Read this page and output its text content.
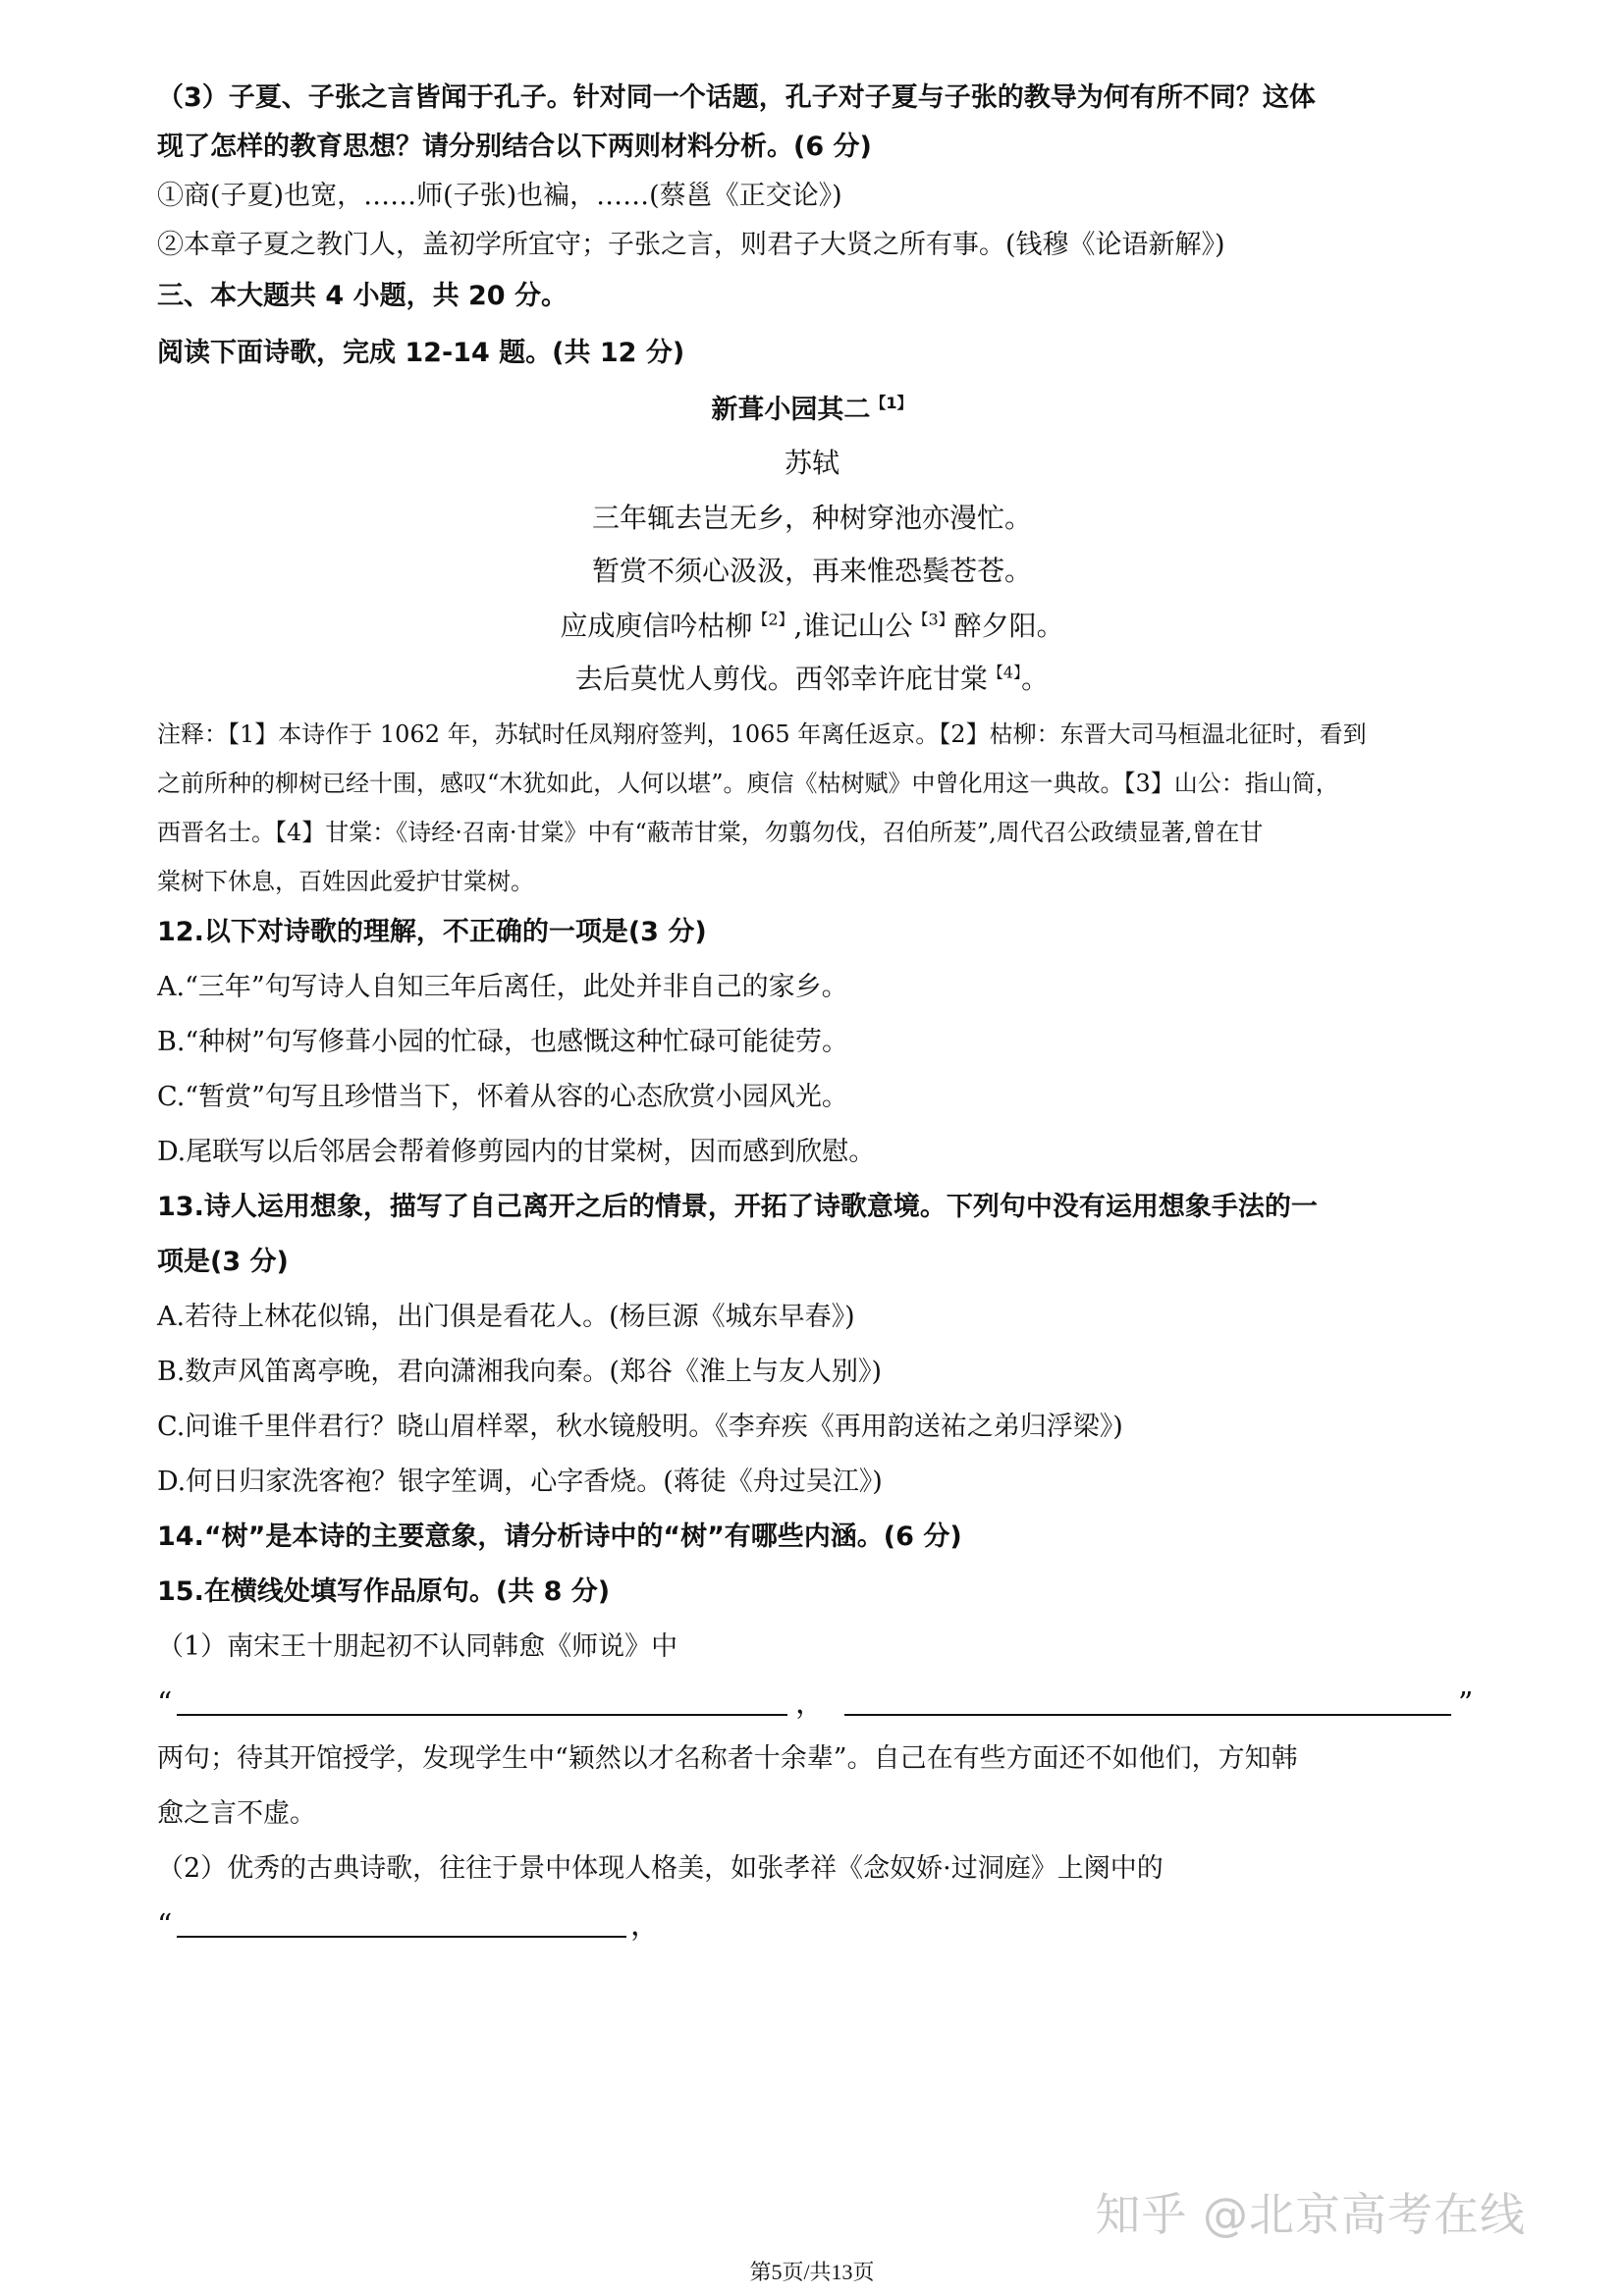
（3）子夏、子张之言皆闻于孔子。针对同一个话题，孔子对子夏与子张的教导为何有所不同？这体
现了怎样的教育思想？请分别结合以下两则材料分析。(6 分)
①商(子夏)也宽，……师(子张)也褊，……(蔡邕《正交论》)
②本章子夏之教门人，盖初学所宜守；子张之言，则君子大贤之所有事。(钱穆《论语新解》)
三、本大题共 4 小题，共 20 分。
阅读下面诗歌，完成 12-14 题。(共 12 分)
新葺小园其二$^{【1】}$
苏轼
三年辄去岂无乡，种树穿池亦漫忙。
暂赏不须心汲汲，再来惟恐鬓苍苍。
应成庾信吟枯柳$^{【2】}$,谁记山公$^{【3】}$醉夕阳。
去后莫忧人剪伐。西邻幸许庇甘棠$^{【4】}$。
注释：【1】本诗作于 1062 年，苏轼时任凤翔府签判，1065 年离任返京。【2】枯柳：东晋大司马桓温北征时，看到
之前所种的柳树已经十围，感叹“木犹如此，人何以堪”。庾信《枯树赋》中曾化用这一典故。【3】山公：指山简，
西晋名士。【4】甘棠：《诗经·召南·甘棠》中有“蔽芾甘棠，勿翦勿伐，召伯所茇”,周代召公政绩显著,曾在甘
棠树下休息，百姓因此爱护甘棠树。
12.以下对诗歌的理解，不正确的一项是(3 分)
A.“三年”句写诗人自知三年后离任，此处并非自己的家乡。
B.“种树”句写修葺小园的忙碌，也感慨这种忙碌可能徒劳。
C.“暂赏”句写且珍惜当下，怀着从容的心态欣赏小园风光。
D.尾联写以后邻居会帮着修剪园内的甘棠树，因而感到欣慰。
13.诗人运用想象，描写了自己离开之后的情景，开拓了诗歌意境。下列句中没有运用想象手法的一
项是(3 分)
A.若待上林花似锦，出门俱是看花人。(杨巨源《城东早春》)
B.数声风笛离亭晚，君向潇湘我向秦。(郑谷《淮上与友人别》)
C.问谁千里伴君行？晓山眉样翠，秋水镜般明。《李弃疾《再用韵送祐之弟归浮梁》)
D.何日归家洗客袍？银字笙调，心字香烧。(蒋徒《舟过吴江》)
14.“树”是本诗的主要意象，请分析诗中的“树”有哪些内涵。(6 分)
15.在横线处填写作品原句。(共 8 分)
（1）南宋王十朋起初不认同韩愈《师说》中
“	，	”
两句；待其开馆授学，发现学生中“颖然以才名称者十余辈”。自己在有些方面还不如他们，方知韩
愈之言不虚。
（2）优秀的古典诗歌，往往于景中体现人格美，如张孝祥《念奴娇·过洞庭》上阕中的
“	，
知乎 @北京高考在线
第5页/共13页
